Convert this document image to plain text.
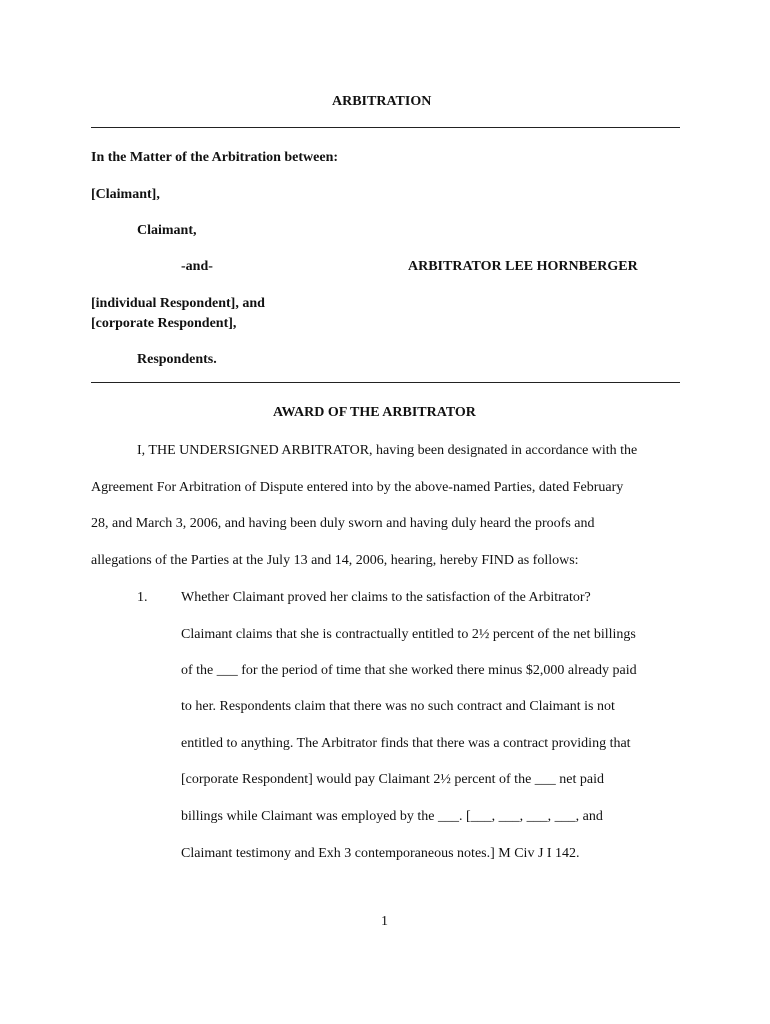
ARBITRATION
In the Matter of the Arbitration between:
[Claimant],
Claimant,
-and-	ARBITRATOR LEE HORNBERGER
[individual Respondent], and
[corporate Respondent],
Respondents.
AWARD OF THE ARBITRATOR
I, THE UNDERSIGNED ARBITRATOR, having been designated in accordance with the
Agreement For Arbitration of Dispute entered into by the above-named Parties, dated February
28, and March 3, 2006, and having been duly sworn and having duly heard the proofs and
allegations of the Parties at the July 13 and 14, 2006, hearing, hereby FIND as follows:
1. Whether Claimant proved her claims to the satisfaction of the Arbitrator?
Claimant claims that she is contractually entitled to 2½ percent of the net billings
of the ___ for the period of time that she worked there minus $2,000 already paid
to her. Respondents claim that there was no such contract and Claimant is not
entitled to anything. The Arbitrator finds that there was a contract providing that
[corporate Respondent] would pay Claimant 2½ percent of the ___ net paid
billings while Claimant was employed by the ___. [___, ___, ___, ___, and
Claimant testimony and Exh 3 contemporaneous notes.] M Civ J I 142.
1
